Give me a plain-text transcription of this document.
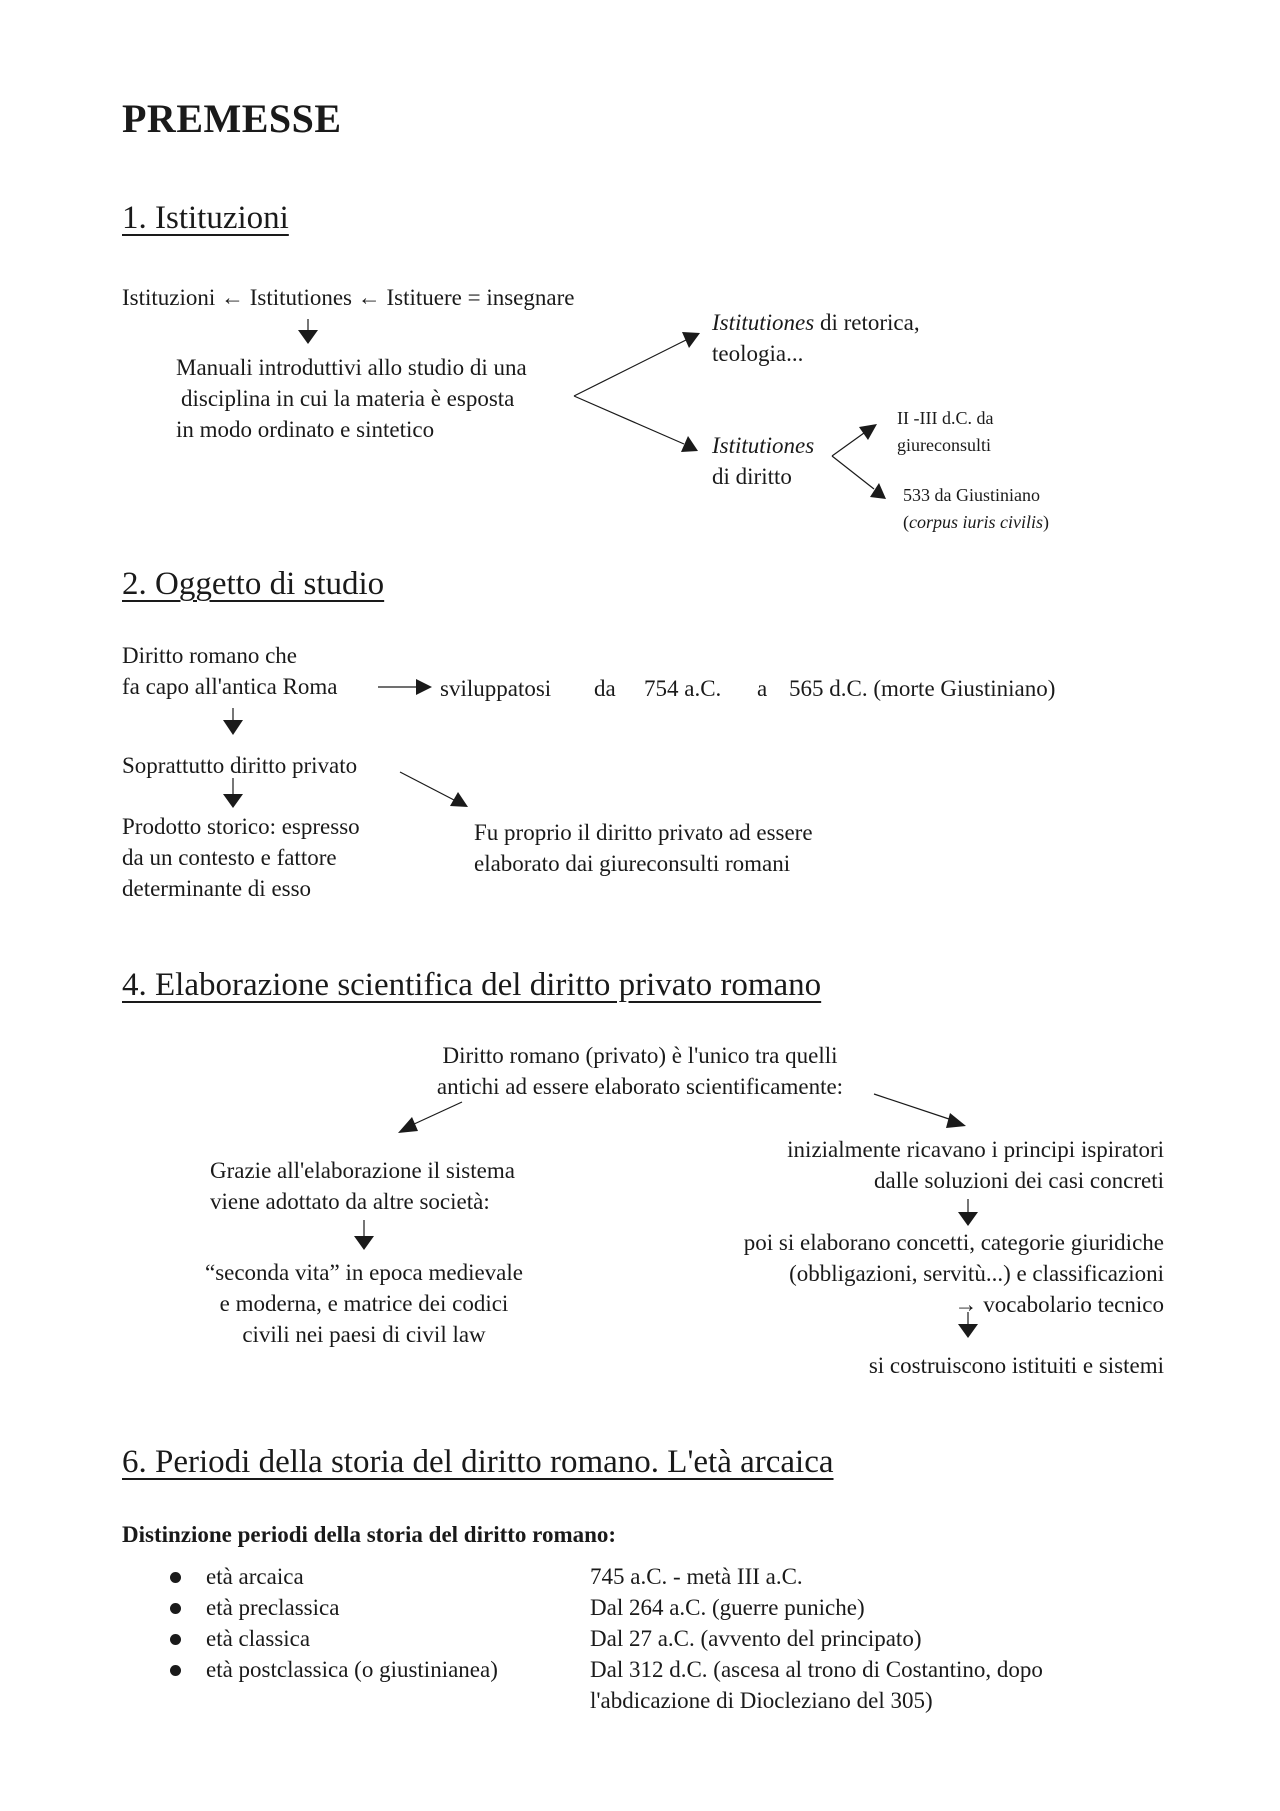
PREMESSE
1. Istituzioni
Istituzioni ← Istitutiones ← Istituere = insegnare
Manuali introduttivi allo studio di una
disciplina in cui la materia è esposta
in modo ordinato e sintetico
Istitutiones di retorica,
teologia...
Istitutiones
di diritto
II -III d.C. da
giureconsulti
533 da Giustiniano
(corpus iuris civilis)
2. Oggetto di studio
Diritto romano che
fa capo all'antica Roma	sviluppatosi da 754 a.C. a 565 d.C. (morte Giustiniano)
Soprattutto diritto privato
Prodotto storico: espresso
da un contesto e fattore
determinante di esso
Fu proprio il diritto privato ad essere
elaborato dai giureconsulti romani
4. Elaborazione scientifica del diritto privato romano
Diritto romano (privato) è l'unico tra quelli
antichi ad essere elaborato scientificamente:
Grazie all'elaborazione il sistema
viene adottato da altre società:
“seconda vita” in epoca medievale
e moderna, e matrice dei codici
civili nei paesi di civil law
inizialmente ricavano i principi ispiratori
dalle soluzioni dei casi concreti
poi si elaborano concetti, categorie giuridiche
(obbligazioni, servitù...) e classificazioni
→ vocabolario tecnico
si costruiscono istituiti e sistemi
6. Periodi della storia del diritto romano. L'età arcaica
Distinzione periodi della storia del diritto romano:
età arcaica	745 a.C. - metà III a.C.
età preclassica	Dal 264 a.C. (guerre puniche)
età classica	Dal 27 a.C. (avvento del principato)
età postclassica (o giustinianea)	Dal 312 d.C. (ascesa al trono di Costantino, dopo
l'abdicazione di Diocleziano del 305)
